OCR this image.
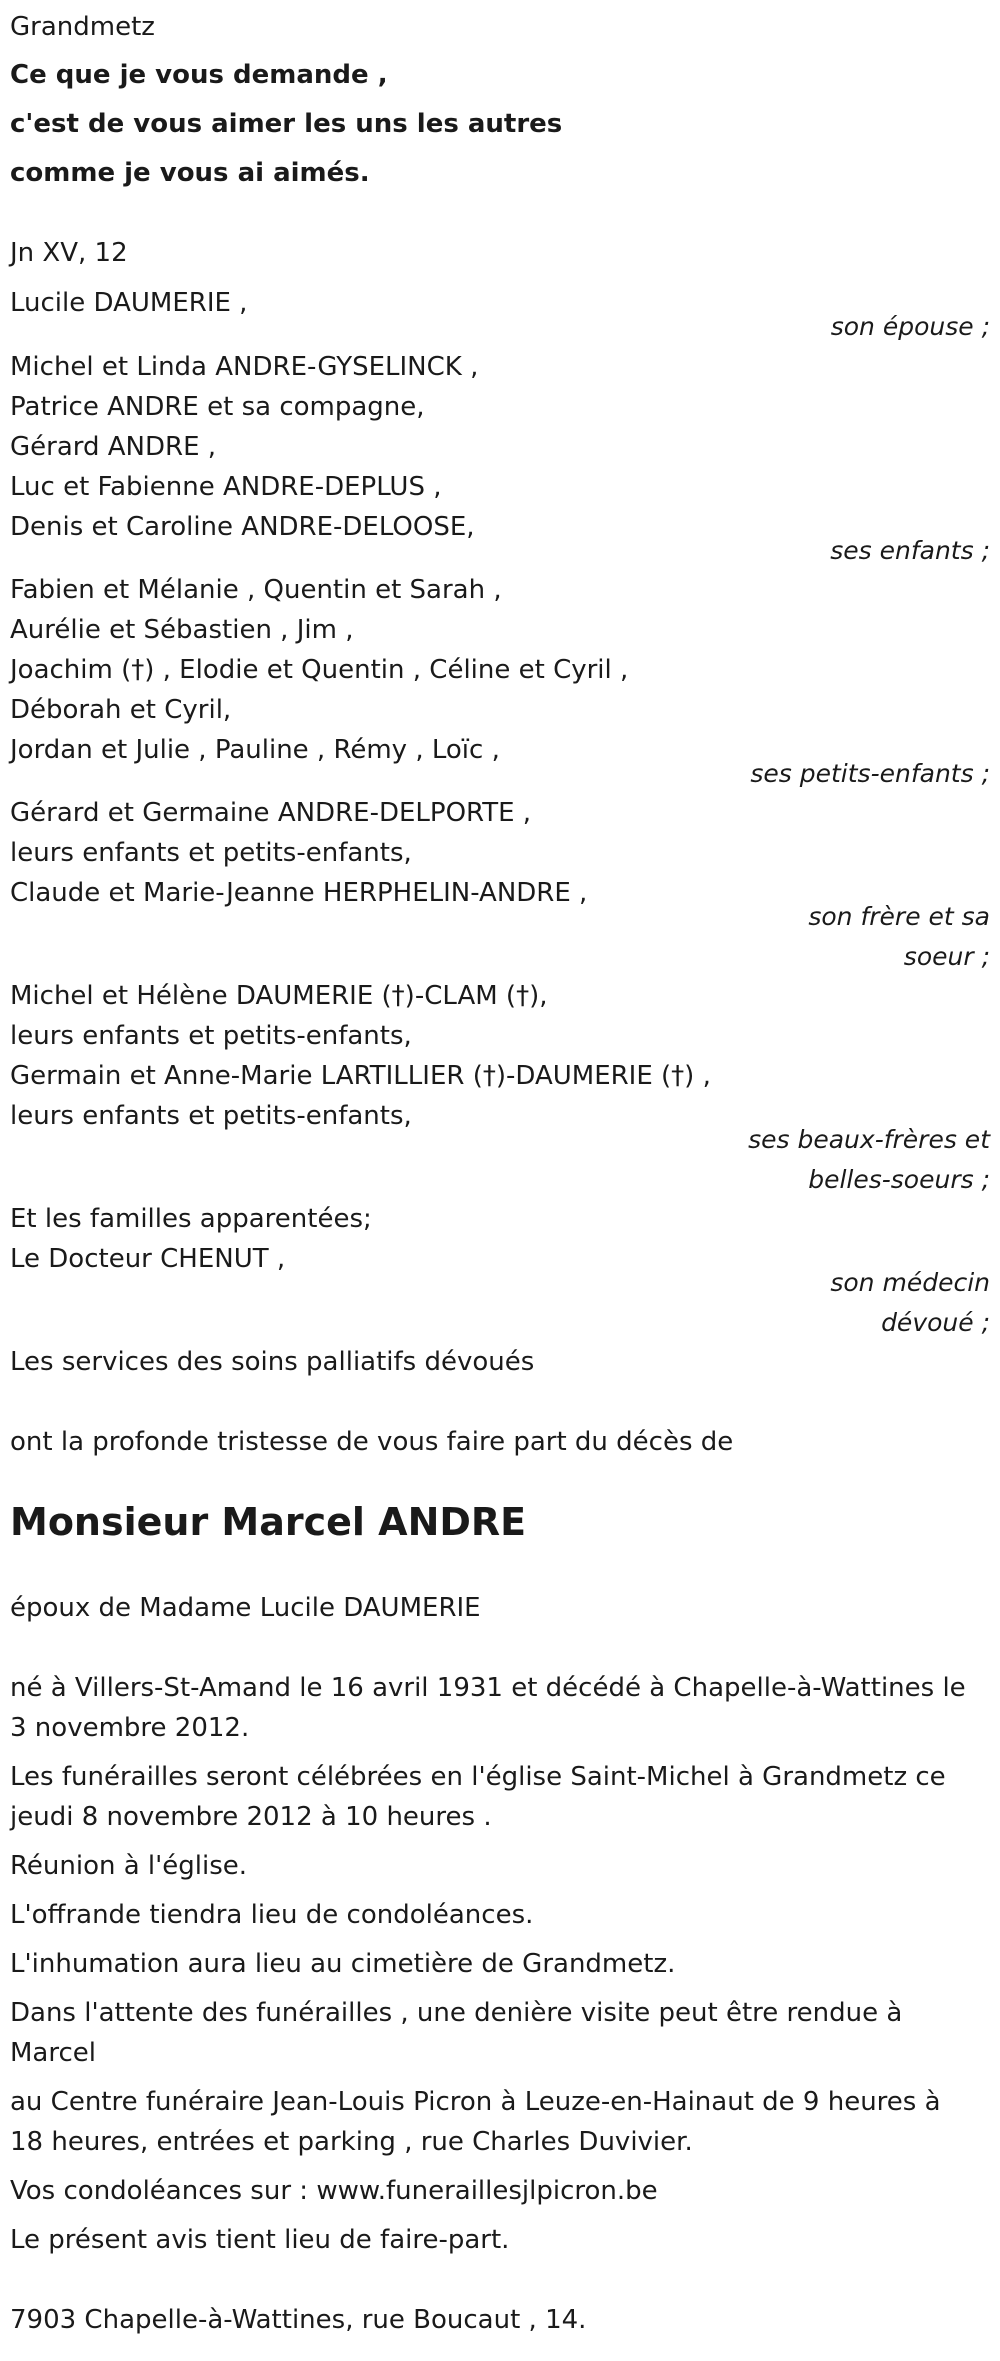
Grandmetz
Ce que je vous demande ,
c'est de vous aimer les uns les autres
comme je vous ai aimés.
Jn XV, 12
Lucile DAUMERIE ,
son épouse ;
Michel et Linda ANDRE-GYSELINCK ,
Patrice ANDRE et sa compagne,
Gérard ANDRE ,
Luc et Fabienne ANDRE-DEPLUS ,
Denis et Caroline ANDRE-DELOOSE,
ses enfants ;
Fabien et Mélanie , Quentin et Sarah ,
Aurélie et Sébastien , Jim ,
Joachim (†) , Elodie et Quentin , Céline et Cyril ,
Déborah et Cyril,
Jordan et Julie , Pauline , Rémy , Loïc ,
ses petits-enfants ;
Gérard et Germaine ANDRE-DELPORTE ,
leurs enfants et petits-enfants,
Claude et Marie-Jeanne HERPHELIN-ANDRE ,
son frère et sa
soeur ;
Michel et Hélène DAUMERIE (†)-CLAM (†),
leurs enfants et petits-enfants,
Germain et Anne-Marie LARTILLIER (†)-DAUMERIE (†) ,
leurs enfants et petits-enfants,
ses beaux-frères et
belles-soeurs ;
Et les familles apparentées;
Le Docteur CHENUT ,
son médecin
dévoué ;
Les services des soins palliatifs dévoués
ont la profonde tristesse de vous faire part du décès de
Monsieur Marcel ANDRE
époux de Madame Lucile DAUMERIE
né à Villers-St-Amand le 16 avril 1931 et décédé à Chapelle-à-Wattines le
3 novembre 2012.
Les funérailles seront célébrées en l'église Saint-Michel à Grandmetz ce
jeudi 8 novembre 2012 à 10 heures .
Réunion à l'église.
L'offrande tiendra lieu de condoléances.
L'inhumation aura lieu au cimetière de Grandmetz.
Dans l'attente des funérailles , une denière visite peut être rendue à
Marcel
au Centre funéraire Jean-Louis Picron à Leuze-en-Hainaut de 9 heures à
18 heures, entrées et parking , rue Charles Duvivier.
Vos condoléances sur : www.funeraillesjlpicron.be
Le présent avis tient lieu de faire-part.
7903 Chapelle-à-Wattines, rue Boucaut , 14.
